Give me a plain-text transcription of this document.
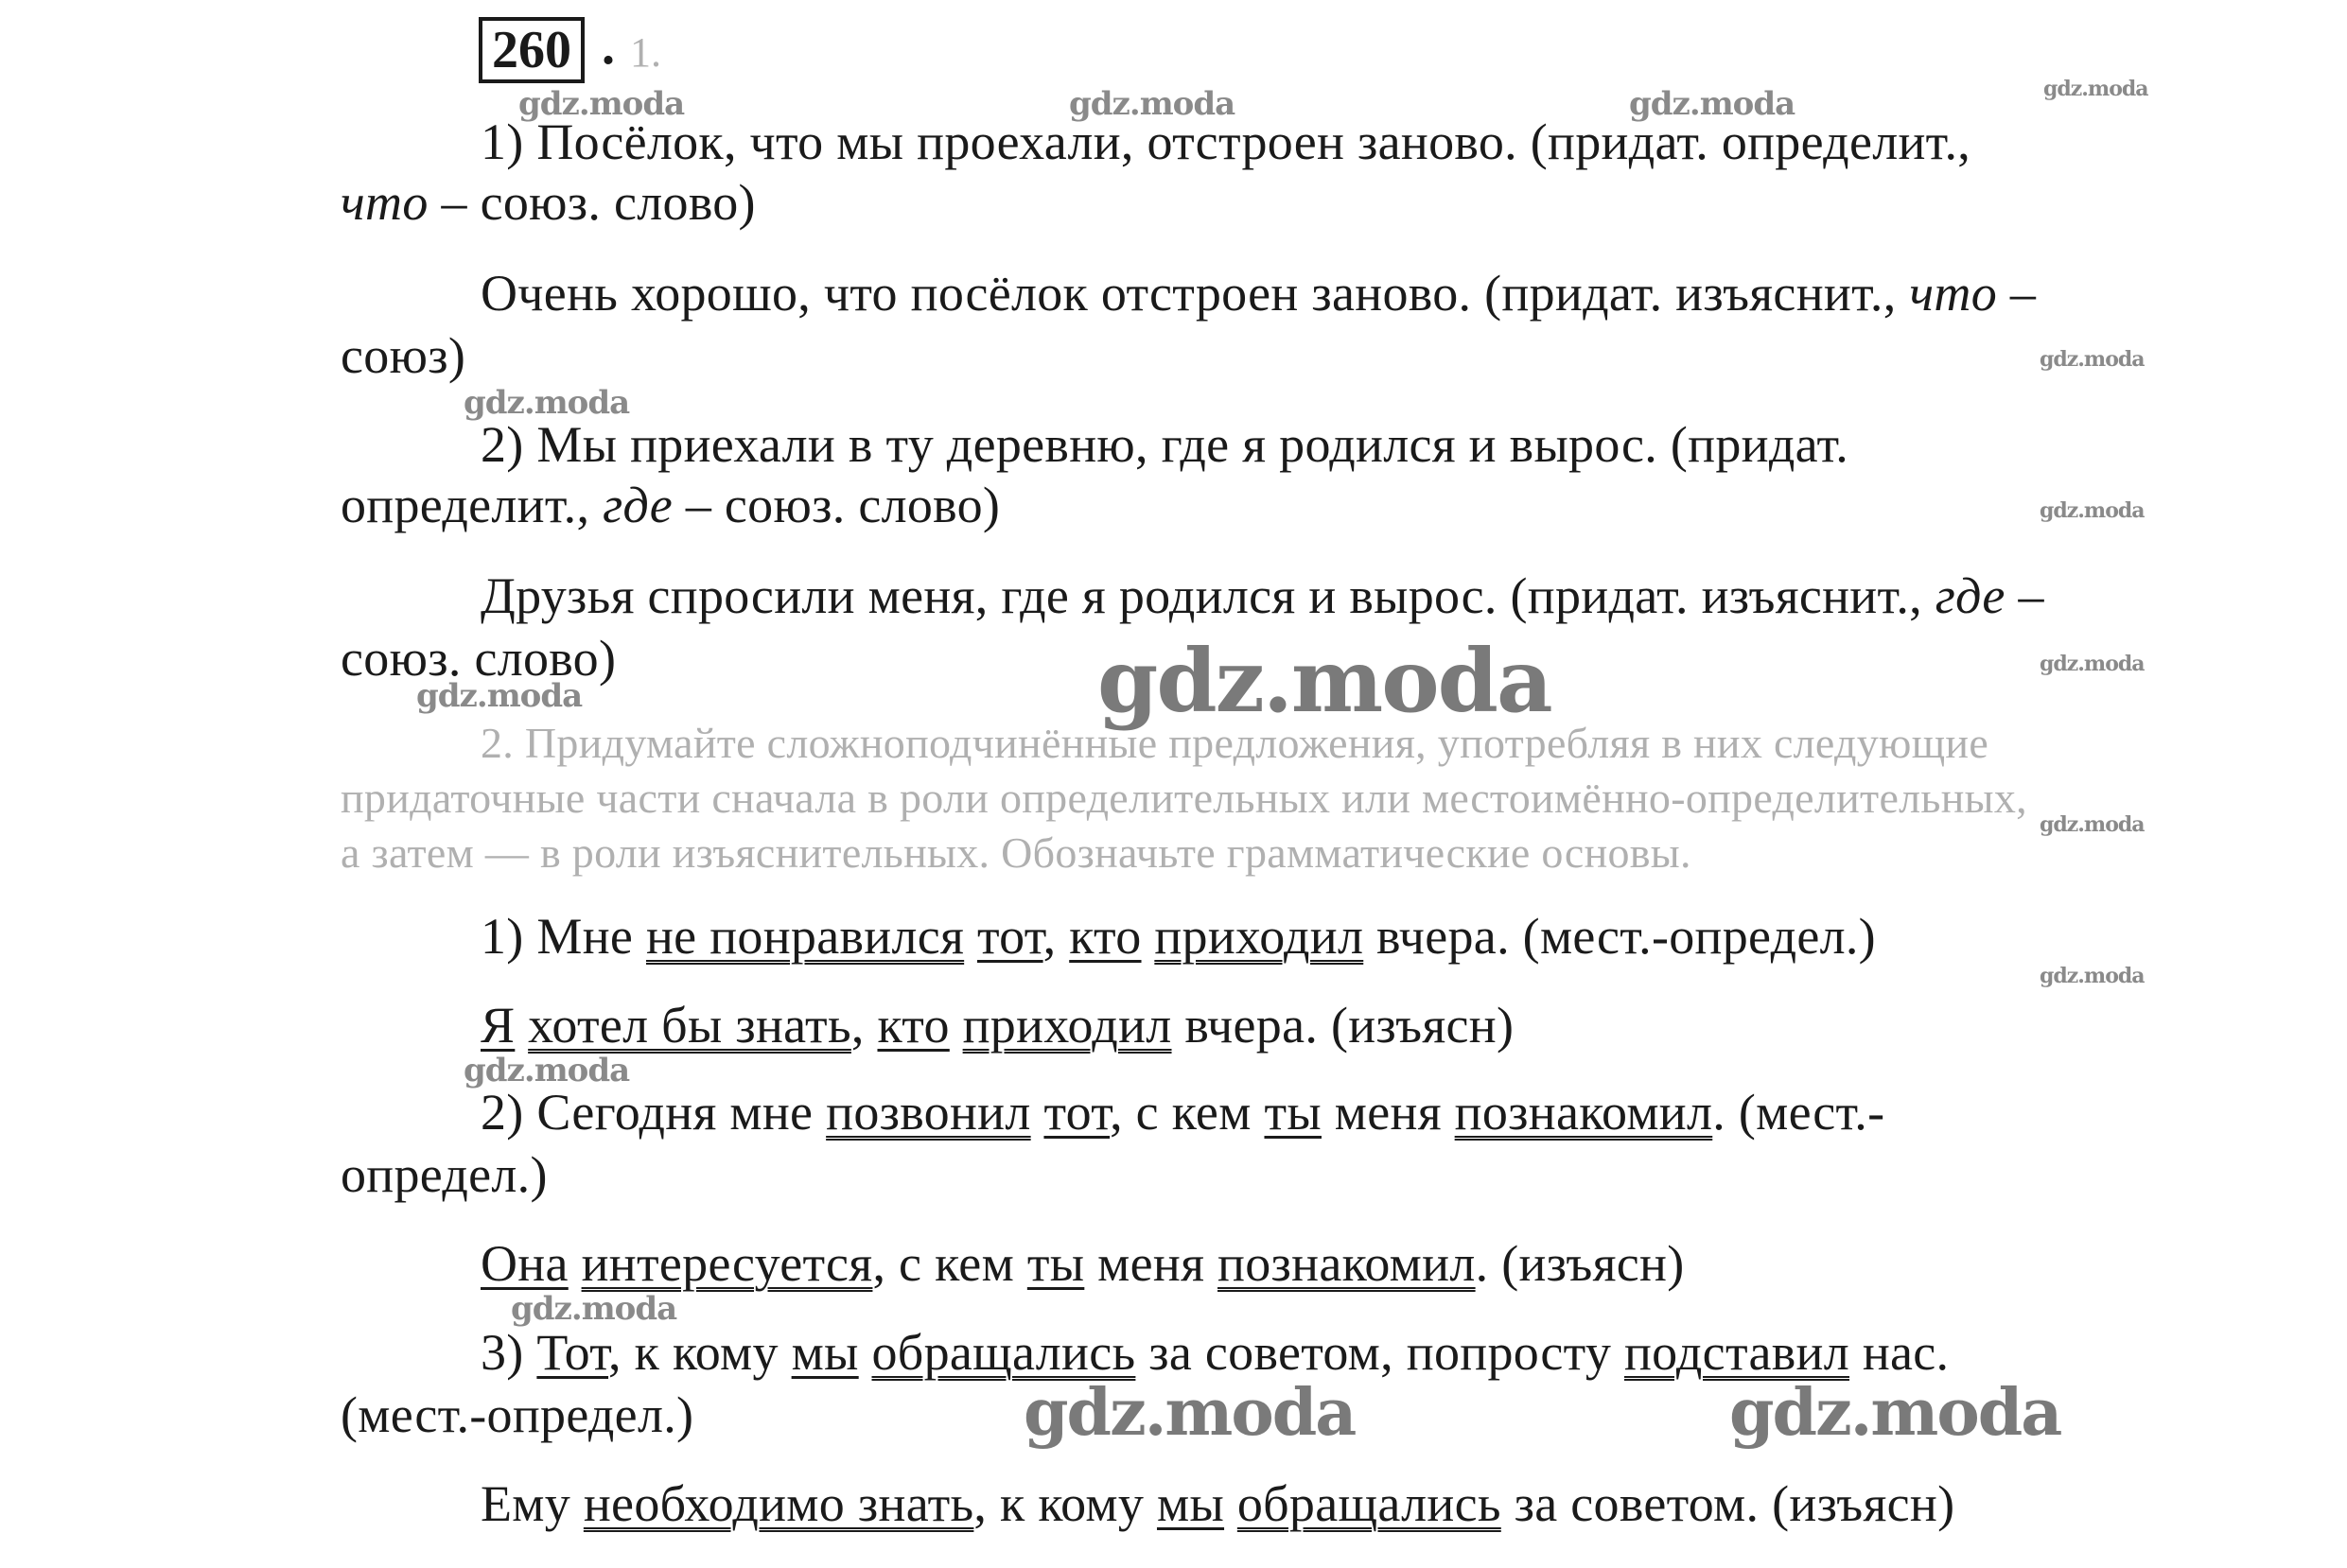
260 . 1.
1) Посёлок, что мы проехали, отстроен заново. (придат. определит.,
что – союз. слово)
Очень хорошо, что посёлок отстроен заново. (придат. изъяснит., что –
союз)
2) Мы приехали в ту деревню, где я родился и вырос. (придат.
определит., где – союз. слово)
Друзья спросили меня, где я родился и вырос. (придат. изъяснит., где –
союз. слово)
2. Придумайте сложноподчинённые предложения, употребляя в них следующие
придаточные части сначала в роли определительных или местоимённо-определительных,
а затем — в роли изъяснительных. Обозначьте грамматические основы.
1) Мне не понравился тот, кто приходил вчера. (мест.-определ.)
Я хотел бы знать, кто приходил вчера. (изъясн)
2) Сегодня мне позвонил тот, с кем ты меня познакомил. (мест.-
определ.)
Она интересуется, с кем ты меня познакомил. (изъясн)
3) Тот, к кому мы обращались за советом, попросту подставил нас.
(мест.-определ.)
Ему необходимо знать, к кому мы обращались за советом. (изъясн)
gdz.moda	gdz.moda	gdz.moda	gdz.moda
gdz.moda
gdz.moda
gdz.moda
gdz.moda
gdz.moda
gdz.moda
gdz.moda
gdz.moda
gdz.moda
gdz.moda
gdz.moda	gdz.moda
